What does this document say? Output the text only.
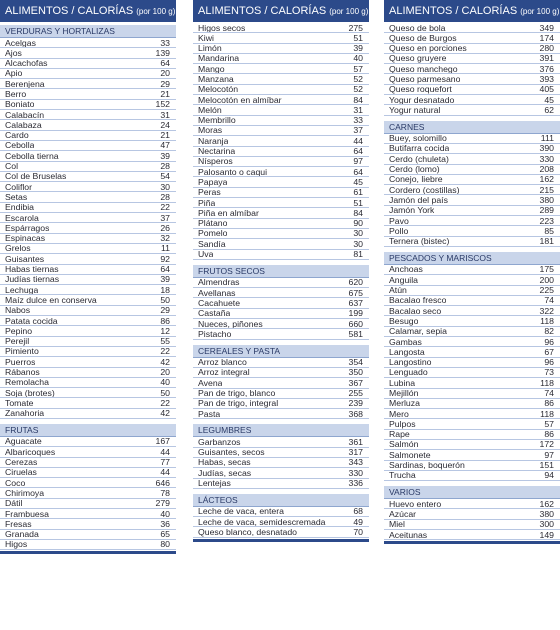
ALIMENTOS / CALORÍAS (por 100 g)
VERDURAS Y HORTALIZAS
Acelgas	33
Ajos	139
Alcachofas	64
Apio	20
Berenjena	29
Berro	21
Boniato	152
Calabacín	31
Calabaza	24
Cardo	21
Cebolla	47
Cebolla tierna	39
Col	28
Col de Bruselas	54
Coliflor	30
Setas	28
Endibia	22
Escarola	37
Espárragos	26
Espinacas	32
Grelos	11
Guisantes	92
Habas tiernas	64
Judías tiernas	39
Lechuga	18
Maíz dulce en conserva	50
Nabos	29
Patata cocida	86
Pepino	12
Perejil	55
Pimiento	22
Puerros	42
Rábanos	20
Remolacha	40
Soja (brotes)	50
Tomate	22
Zanahoria	42
FRUTAS
Aguacate	167
Albaricoques	44
Cerezas	77
Ciruelas	44
Coco	646
Chirimoya	78
Dátil	279
Frambuesa	40
Fresas	36
Granada	65
Higos	80
ALIMENTOS / CALORÍAS (por 100 g)
Higos secos	275
Kiwi	51
Limón	39
Mandarina	40
Mango	57
Manzana	52
Melocotón	52
Melocotón en almíbar	84
Melón	31
Membrillo	33
Moras	37
Naranja	44
Nectarina	64
Nísperos	97
Palosanto o caqui	64
Papaya	45
Peras	61
Piña	51
Piña en almíbar	84
Plátano	90
Pomelo	30
Sandía	30
Uva	81
FRUTOS SECOS
Almendras	620
Avellanas	675
Cacahuete	637
Castaña	199
Nueces, piñones	660
Pistacho	581
CEREALES Y PASTA
Arroz blanco	354
Arroz integral	350
Avena	367
Pan de trigo, blanco	255
Pan de trigo, integral	239
Pasta	368
LEGUMBRES
Garbanzos	361
Guisantes, secos	317
Habas, secas	343
Judías, secas	330
Lentejas	336
LÁCTEOS
Leche de vaca, entera	68
Leche de vaca, semidescremada	49
Queso blanco, desnatado	70
ALIMENTOS / CALORÍAS (por 100 g)
Queso de bola	349
Queso de Burgos	174
Queso en porciones	280
Queso gruyere	391
Queso manchego	376
Queso parmesano	393
Queso roquefort	405
Yogur desnatado	45
Yogur natural	62
CARNES
Buey, solomillo	111
Butifarra cocida	390
Cerdo (chuleta)	330
Cerdo (lomo)	208
Conejo, liebre	162
Cordero (costillas)	215
Jamón del país	380
Jamón York	289
Pavo	223
Pollo	85
Ternera (bistec)	181
PESCADOS Y MARISCOS
Anchoas	175
Anguila	200
Atún	225
Bacalao fresco	74
Bacalao seco	322
Besugo	118
Calamar, sepia	82
Gambas	96
Langosta	67
Langostino	96
Lenguado	73
Lubina	118
Mejillón	74
Merluza	86
Mero	118
Pulpos	57
Rape	86
Salmón	172
Salmonete	97
Sardinas, boquerón	151
Trucha	94
VARIOS
Huevo entero	162
Azúcar	380
Miel	300
Aceitunas	149
